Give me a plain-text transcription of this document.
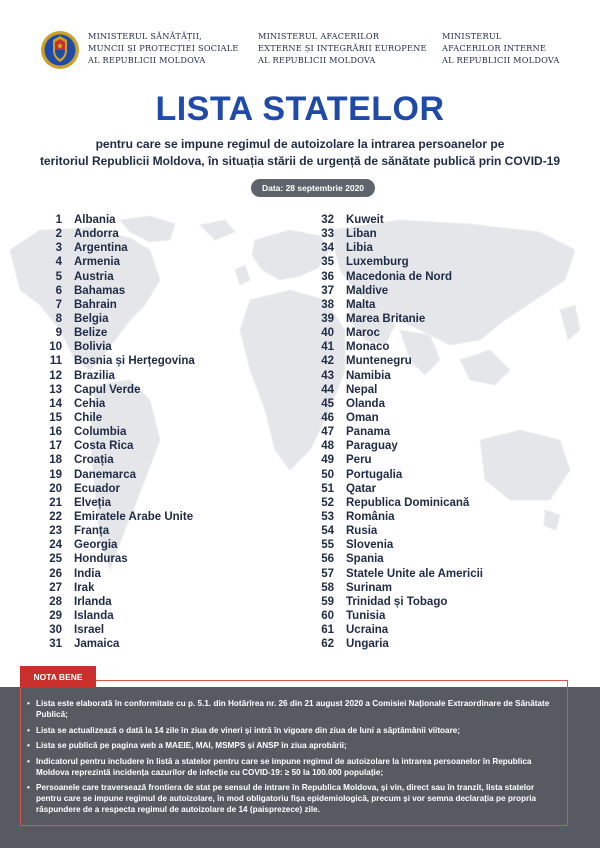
MINISTERUL SĂNĂTĂȚII,
MUNCII ȘI PROTECȚIEI SOCIALE
AL REPUBLICII MOLDOVA
MINISTERUL AFACERILOR
EXTERNE ȘI INTEGRĂRII EUROPENE
AL REPUBLICII MOLDOVA
MINISTERUL
AFACERILOR INTERNE
AL REPUBLICII MOLDOVA
LISTA STATELOR
pentru care se impune regimul de autoizolare la intrarea persoanelor pe
teritoriul Republicii Moldova, în situația stării de urgență de sănătate publică prin COVID-19
Data: 28 septembrie 2020
1 Albania
2 Andorra
3 Argentina
4 Armenia
5 Austria
6 Bahamas
7 Bahrain
8 Belgia
9 Belize
10 Bolivia
11 Bosnia și Herțegovina
12 Brazilia
13 Capul Verde
14 Cehia
15 Chile
16 Columbia
17 Costa Rica
18 Croația
19 Danemarca
20 Ecuador
21 Elveția
22 Emiratele Arabe Unite
23 Franța
24 Georgia
25 Honduras
26 India
27 Irak
28 Irlanda
29 Islanda
30 Israel
31 Jamaica
32 Kuweit
33 Liban
34 Libia
35 Luxemburg
36 Macedonia de Nord
37 Maldive
38 Malta
39 Marea Britanie
40 Maroc
41 Monaco
42 Muntenegru
43 Namibia
44 Nepal
45 Olanda
46 Oman
47 Panama
48 Paraguay
49 Peru
50 Portugalia
51 Qatar
52 Republica Dominicană
53 România
54 Rusia
55 Slovenia
56 Spania
57 Statele Unite ale Americii
58 Surinam
59 Trinidad și Tobago
60 Tunisia
61 Ucraina
62 Ungaria
NOTA BENE
• Lista este elaborată în conformitate cu p. 5.1. din Hotărîrea nr. 26 din 21 august 2020 a Comisiei Naționale Extraordinare de Sănătate Publică;
• Lista se actualizează o dată la 14 zile în ziua de vineri și intră în vigoare din ziua de luni a săptămânii viitoare;
• Lista se publică pe pagina web a MAEIE, MAI, MSMPS și ANSP în ziua aprobării;
• Indicatorul pentru includere în listă a statelor pentru care se impune regimul de autoizolare la intrarea persoanelor în Republica Moldova reprezintă incidența cazurilor de infecție cu COVID-19: ≥ 50 la 100.000 populație;
• Persoanele care traversează frontiera de stat pe sensul de intrare în Republica Moldova, și vin, direct sau în tranzit, lista statelor pentru care se impune regimul de autoizolare, în mod obligatoriu fișa epidemiologică, precum și vor semna declarația pe propria răspundere de a respecta regimul de autoizolare de 14 (paisprezece) zile.
